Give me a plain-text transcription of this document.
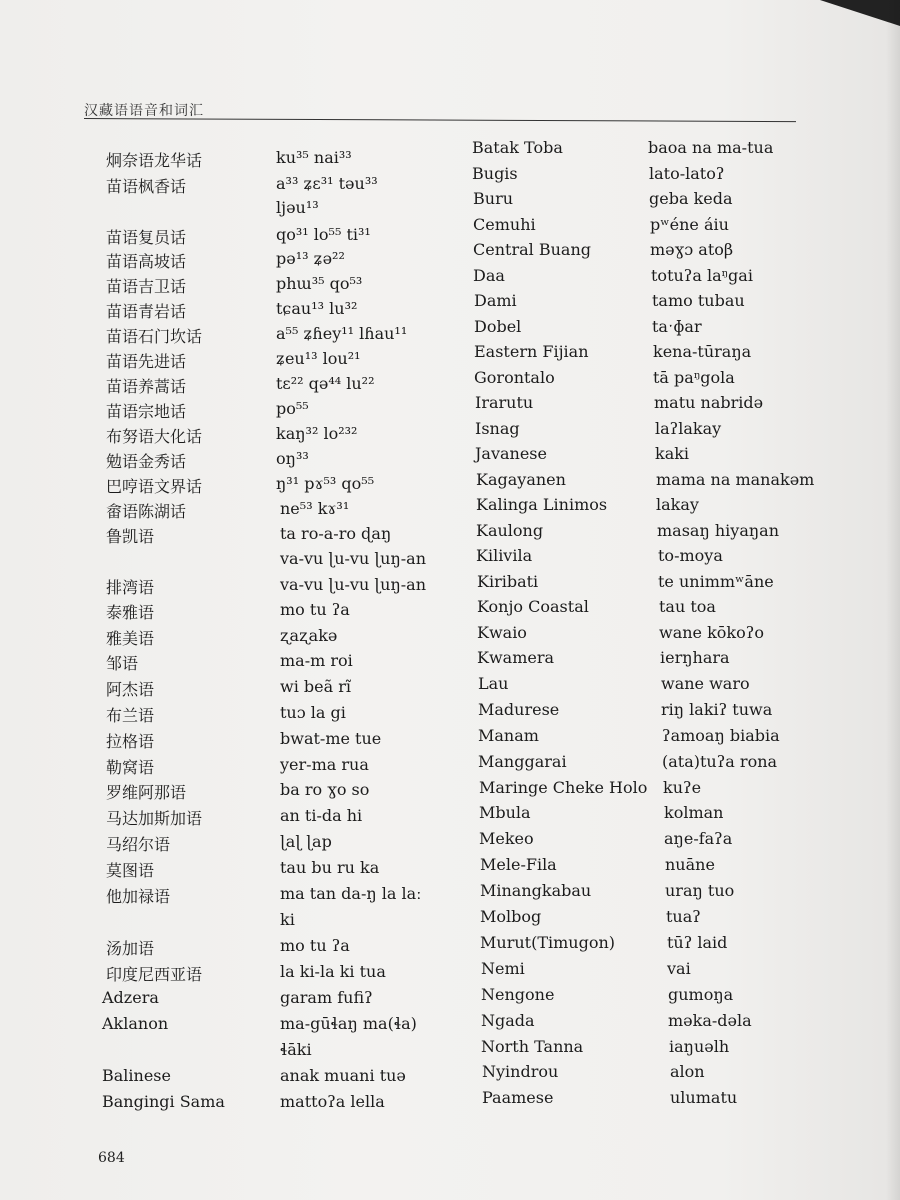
汉藏语语音和词汇
炯奈语龙华话
苗语枫香话
苗语复员话
苗语高坡话
苗语吉卫话
苗语青岩话
苗语石门坎话
苗语先进话
苗语养蒿话
苗语宗地话
布努语大化话
勉语金秀话
巴哼语文界话
畲语陈湖话
鲁凯语
排湾语
泰雅语
雅美语
邹语
阿杰语
布兰语
拉格语
勒窝语
罗维阿那语
马达加斯加语
马绍尔语
莫图语
他加禄语
汤加语
印度尼西亚语
Adzera
Aklanon
Balinese
Bangingi Sama
ku³⁵ nai³³
a³³ ʑɛ³¹ təu³³
ljəu¹³
qo³¹ lo⁵⁵ ti³¹
pə¹³ ʑə²²
phɯ³⁵ qo⁵³
tɕau¹³ lu³²
a⁵⁵ ʑɦey¹¹ lɦau¹¹
ʑeu¹³ lou²¹
tɛ²² qə⁴⁴ lu²²
po⁵⁵
kaŋ³² lo²³²
oŋ³³
ŋ³¹ pɤ⁵³ qo⁵⁵
ne⁵³ kɤ³¹
ta ro-a-ro ɖaŋ
va-vu ɭu-vu ɭuŋ-an
va-vu ɭu-vu ɭuŋ-an
mo tu ʔa
ʐaʐakə
ma-m roi
wi beã rĩ
tuɔ la gi
bwat-me tue
yer-ma rua
ba ro ɣo so
an ti-da hi
ɭaɭ ɭap
tau bu ru ka
ma tan da-ŋ la laː
ki
mo tu ʔa
la ki-la ki tua
garam fufiʔ
ma-gūɬaŋ ma(ɬa)
ɬāki
anak muani tuə
mattoʔa lella
Batak Toba
Bugis
Buru
Cemuhi
Central Buang
Daa
Dami
Dobel
Eastern Fijian
Gorontalo
Irarutu
Isnag
Javanese
Kagayanen
Kalinga Linimos
Kaulong
Kilivila
Kiribati
Konjo Coastal
Kwaio
Kwamera
Lau
Madurese
Manam
Manggarai
Maringe Cheke Holo
Mbula
Mekeo
Mele-Fila
Minangkabau
Molbog
Murut(Timugon)
Nemi
Nengone
Ngada
North Tanna
Nyindrou
Paamese
baoa na ma-tua
lato-latoʔ
geba keda
pʷéne áiu
məɣɔ atoβ
totuʔa laᵑgai
tamo tubau
taˑɸar
kena-tūraŋa
tā paᵑgola
matu nabridə
laʔlakay
kaki
mama na manakəm
lakay
masaŋ hiyaŋan
to-moya
te unimmʷāne
tau toa
wane kōkoʔo
ierŋhara
wane waro
riŋ lakiʔ tuwa
ʔamoaŋ biabia
(ata)tuʔa rona
kuʔe
kolman
aŋe-faʔa
nuāne
uraŋ tuo
tuaʔ
tūʔ laid
vai
gumoŋa
məka-dəla
iaŋuəlh
alon
ulumatu
684
